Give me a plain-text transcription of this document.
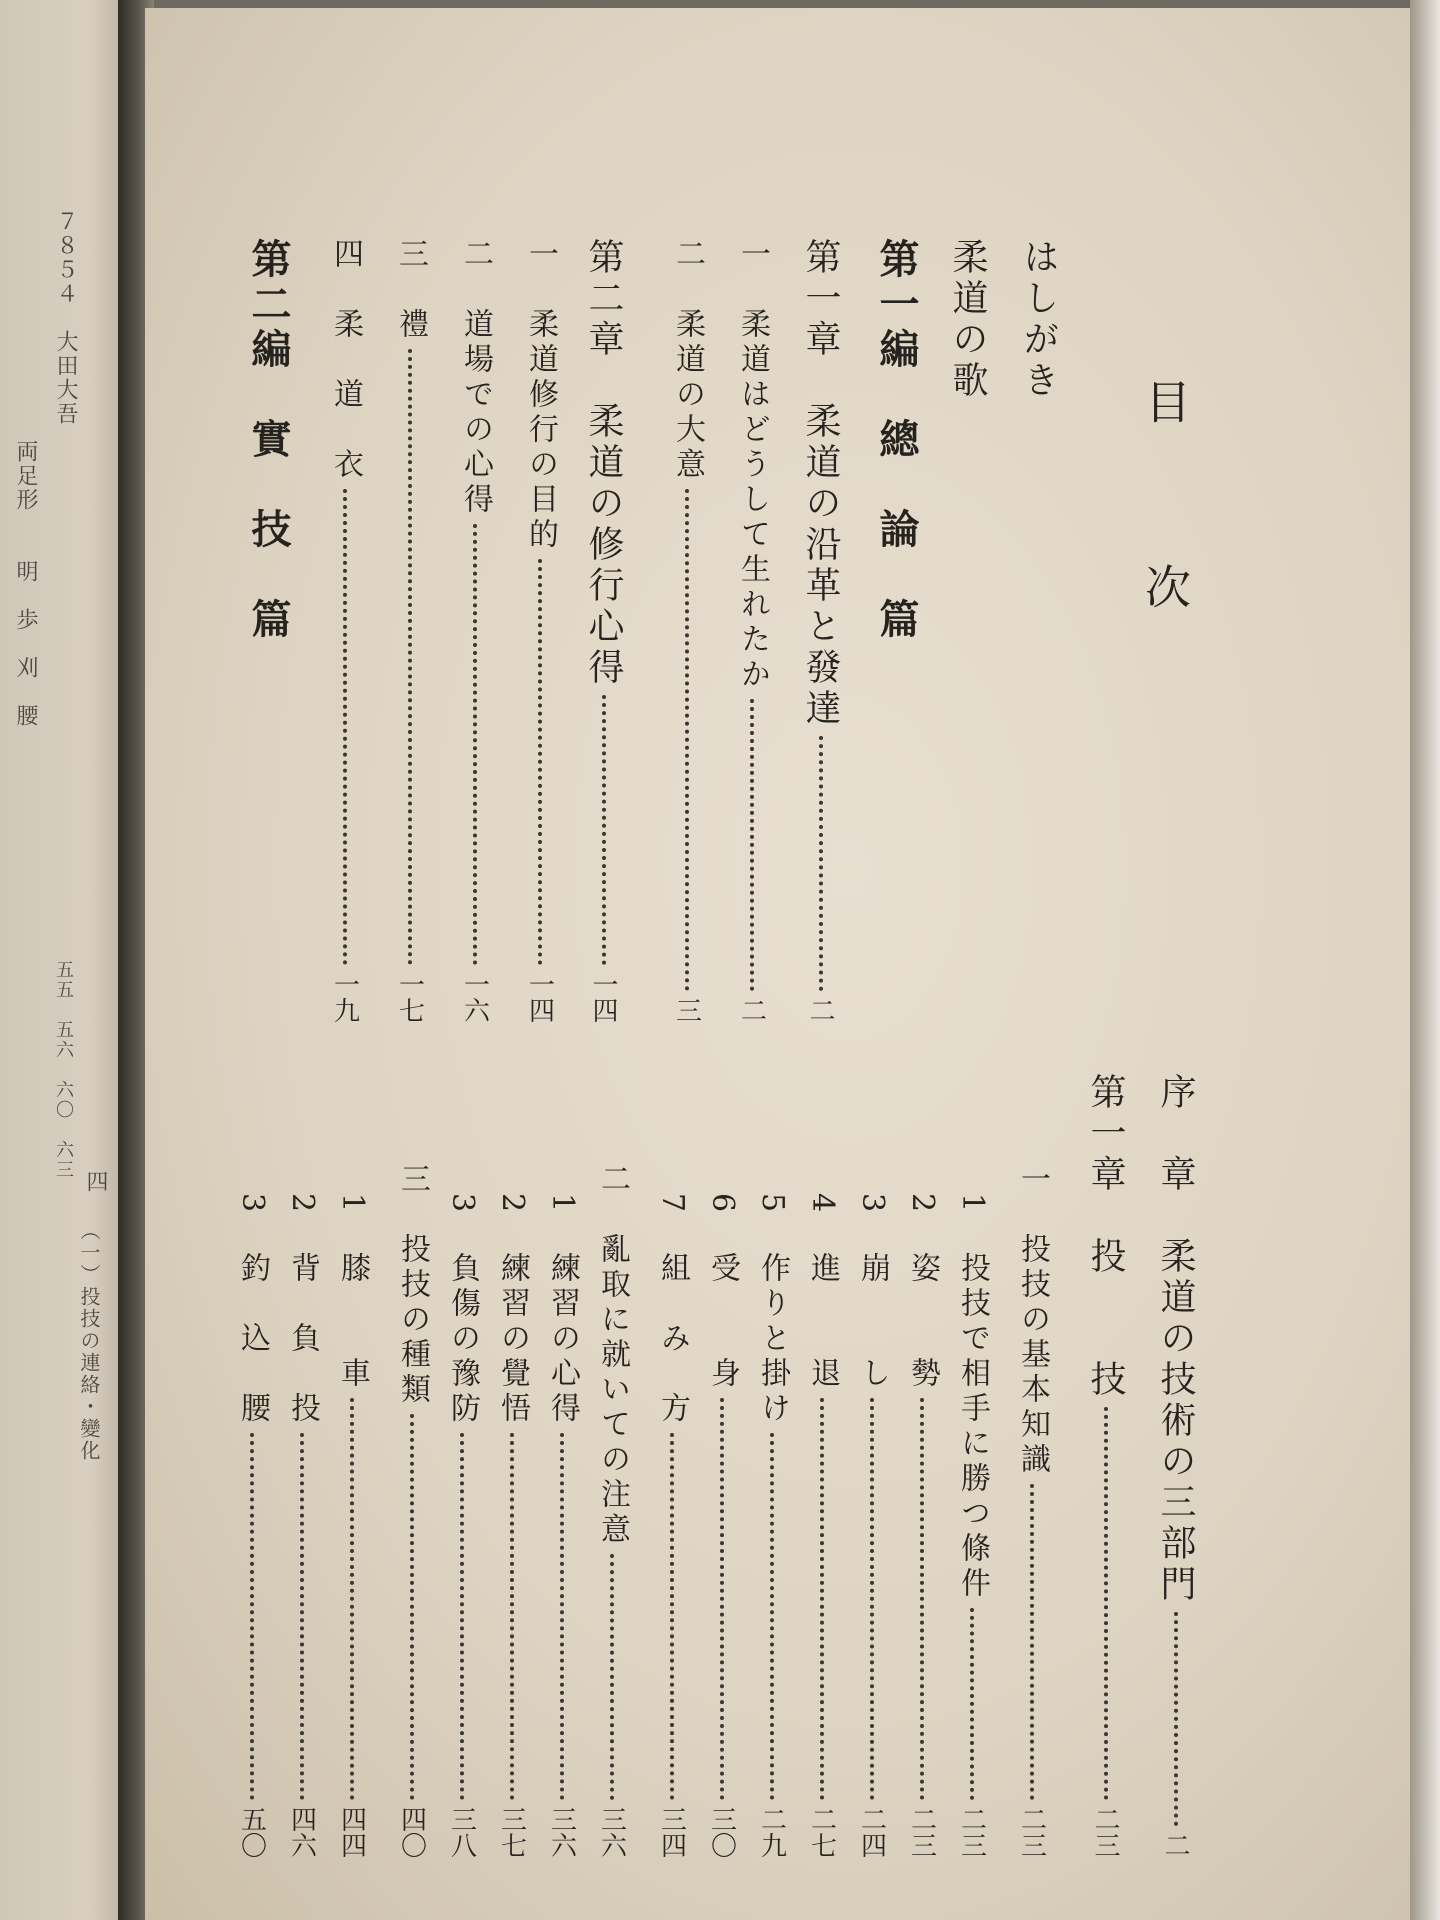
７８５４
大田大吾
両足形
明　歩　刈　腰
五五　五六　六〇　六三
四
（一）投技の連絡・變化
目
次
はしがき
柔道の歌
第一編　總　論　篇
第一章　柔道の沿革と發達
二
一　柔道はどうして生れたか
二
二　柔道の大意
三
第二章　柔道の修行心得
一四
一　柔道修行の目的
一四
二　道場での心得
一六
三　禮
一七
四　柔　道　衣
一九
第二編　實　技　篇
序　章　柔道の技術の三部門
二
第一章　投　　技
二三
一　投技の基本知識
二三
1　投技で相手に勝つ條件
二三
2　姿　　勢
二三
3　崩　　し
二四
4　進　　退
二七
5　作りと掛け
二九
6　受　　身
三〇
7　組　み　方
三四
二　亂取に就いての注意
三六
1　練習の心得
三六
2　練習の覺悟
三七
3　負傷の豫防
三八
三　投技の種類
四〇
1　膝　　車
四四
2　背　負　投
四六
3　釣　込　腰
五〇
